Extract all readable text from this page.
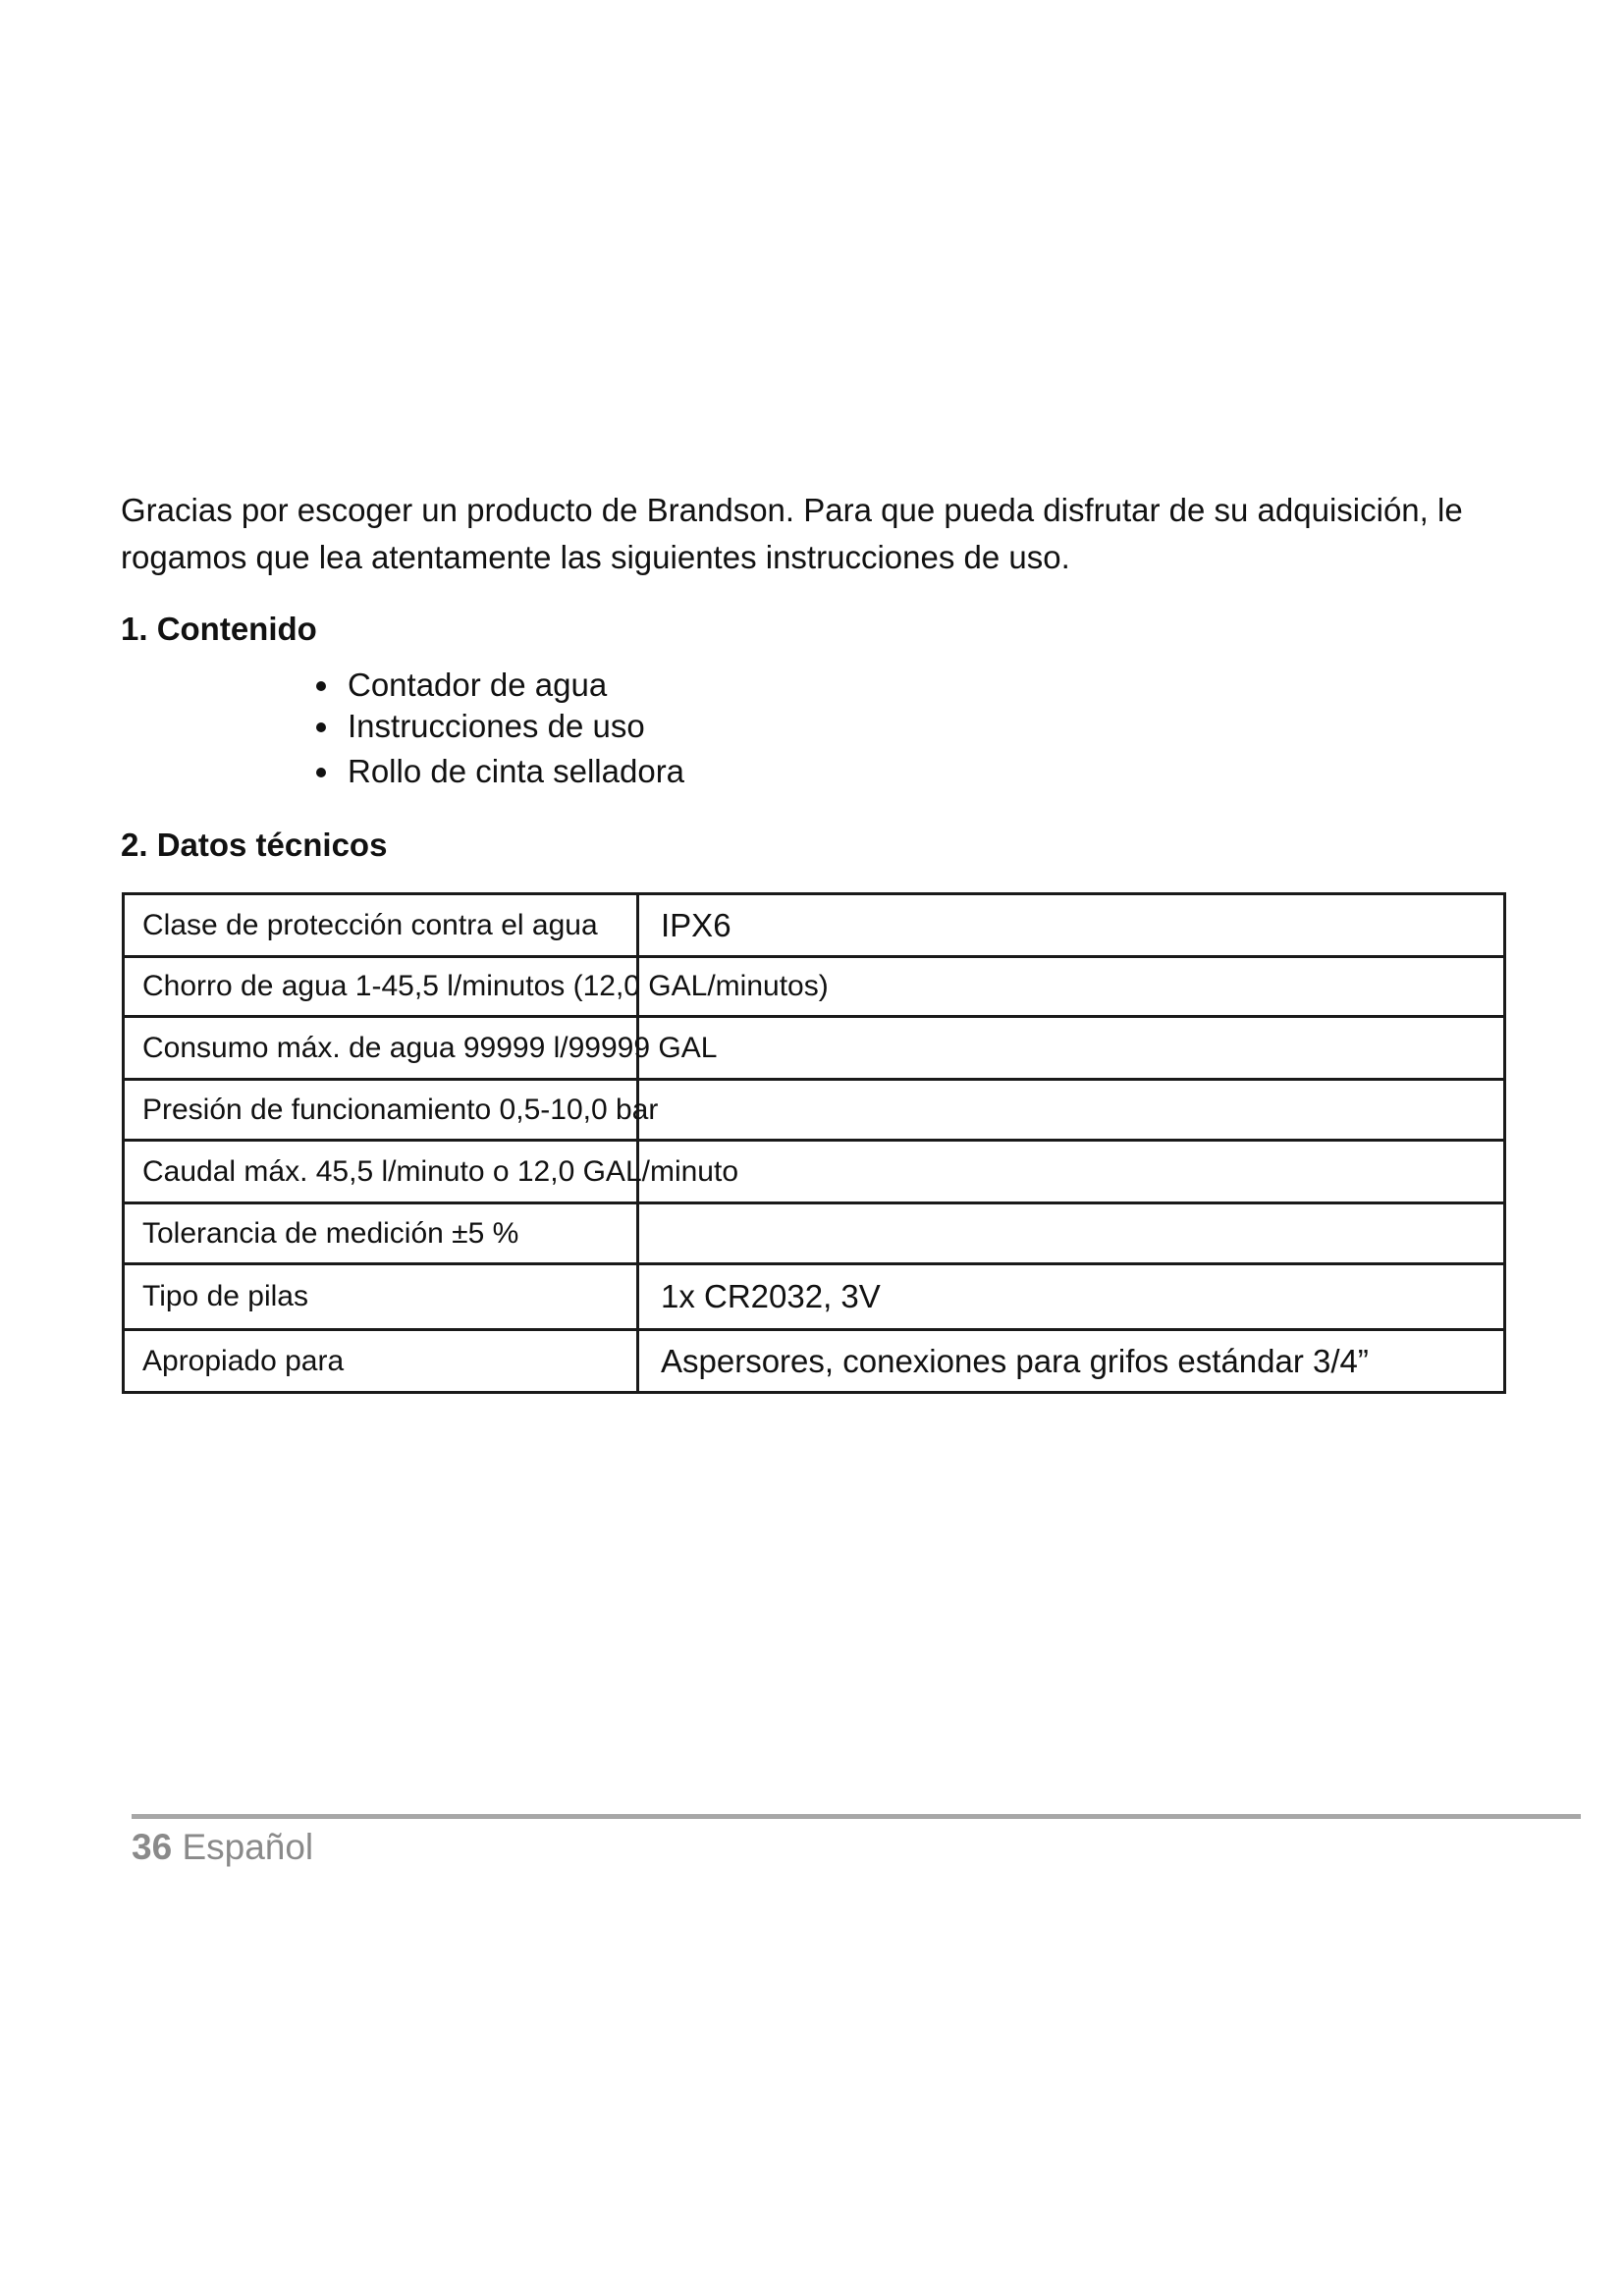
Gracias por escoger un producto de Brandson. Para que pueda disfrutar de su adquisición, le rogamos que lea atentamente las siguientes instrucciones de uso.

1. Contenido
Contador de agua
Instrucciones de uso
Rollo de cinta selladora
2. Datos técnicos
Clase de protección contra el agua	IPX6
Chorro de agua 1-45,5 l/minutos (12,0 GAL/minutos)	
Consumo máx. de agua 99999 l/99999 GAL	
Presión de funcionamiento 0,5-10,0 bar	
Caudal máx. 45,5 l/minuto o 12,0 GAL/minuto	
Tolerancia de medición ±5 %	
Tipo de pilas	1x CR2032, 3V
Apropiado para	Aspersores, conexiones para grifos estándar 3/4”
36 Español
